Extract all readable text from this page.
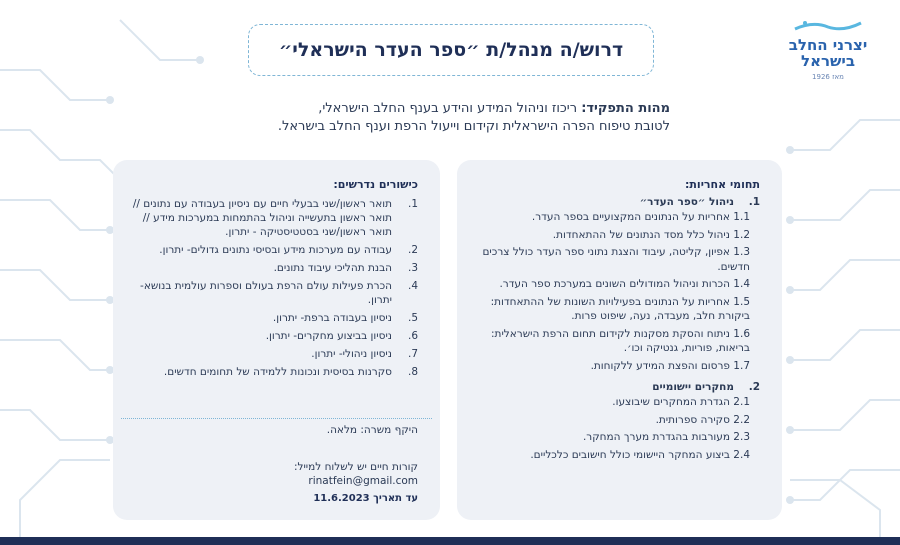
יצרני החלב
בישראל
מאז 1926
דרוש/ה מנהל/ת ״ספר העדר הישראלי״
מהות התפקיד: ריכוז וניהול המידע והידע בענף החלב הישראלי,
לטובת טיפוח הפרה הישראלית וקידום וייעול הרפת וענף החלב בישראל.
תחומי אחריות:
1.
ניהול ״ספר העדר״
1.1 אחריות על הנתונים המקצועיים בספר העדר.
1.2 ניהול כלל מסד הנתונים של ההתאחדות.
1.3 אפיון, קליטה, עיבוד והצגת נתוני ספר העדר כולל צרכים חדשים.
1.4 הכרות וניהול המודולים השונים במערכת ספר העדר.
1.5 אחריות על הנתונים בפעילויות השונות של ההתאחדות: ביקורת חלב, מעבדה, נעה, שיפוט פרות.
1.6 ניתוח והסקת מסקנות לקידום תחום הרפת הישראלית: בריאות, פוריות, גנטיקה וכו׳.
1.7 פרסום והפצת המידע ללקוחות.
2.
מחקרים יישומיים
2.1 הגדרת המחקרים שיבוצעו.
2.2 סקירה ספרותית.
2.3 מעורבות בהגדרת מערך המחקר.
2.4 ביצוע המחקר היישומי כולל חישובים כלכליים.
כישורים נדרשים:
1.
תואר ראשון/שני בבעלי חיים עם ניסיון בעבודה עם נתונים // תואר ראשון בתעשייה וניהול בהתמחות במערכות מידע // תואר ראשון/שני בסטטיסטיקה - יתרון.
2.
עבודה עם מערכות מידע ובסיסי נתונים גדולים- יתרון.
3.
הבנת תהליכי עיבוד נתונים.
4.
הכרת פעילות עולם הרפת בעולם וספרות עולמית בנושא- יתרון.
5.
ניסיון בעבודה ברפת- יתרון.
6.
ניסיון בביצוע מחקרים- יתרון.
7.
ניסיון ניהולי- יתרון.
8.
סקרנות בסיסית ונכונות ללמידה של תחומים חדשים.
היקף משרה: מלאה.
קורות חיים יש לשלוח למייל:
rinatfein@gmail.com
עד תאריך 11.6.2023
